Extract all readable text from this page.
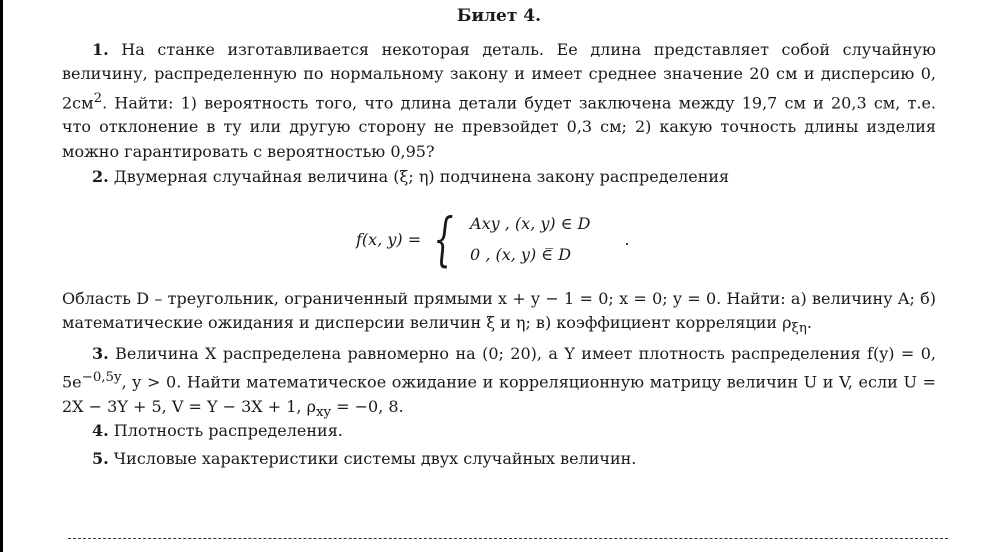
Билет 4.
1. На станке изготавливается некоторая деталь. Ее длина представляет собой случайную величину, распределенную по нормальному закону и имеет среднее значение 20 см и дисперсию 0, $2см^2$. Найти: 1) вероятность того, что длина детали будет заключена между 19,7 см и 20,3 см, т.е. что отклонение в ту или другую сторону не превзойдет 0,3 см; 2) какую точность длины изделия можно гарантировать с вероятностью 0,95?
2. Двумерная случайная величина (ξ; η) подчинена закону распределения
f(x, y) = { Axy , (x, y) ∈ D
0 , (x, y) ∈̅ D
.
Область D – треугольник, ограниченный прямыми x + y − 1 = 0; x = 0; y = 0. Найти: а) величину A; б) математические ожидания и дисперсии величин ξ и η; в) коэффициент корреляции $\rho_{\xi\eta}$.
3. Величина X распределена равномерно на (0; 20), а Y имеет плотность распределения f(y) = 0, $5e^{-0,5y}$, y > 0. Найти математическое ожидание и корреляционную матрицу величин U и V, если U = 2X − 3Y + 5, V = Y − 3X + 1, $\rho_{xy} = -0$, 8.
4. Плотность распределения.
5. Числовые характеристики системы двух случайных величин.
